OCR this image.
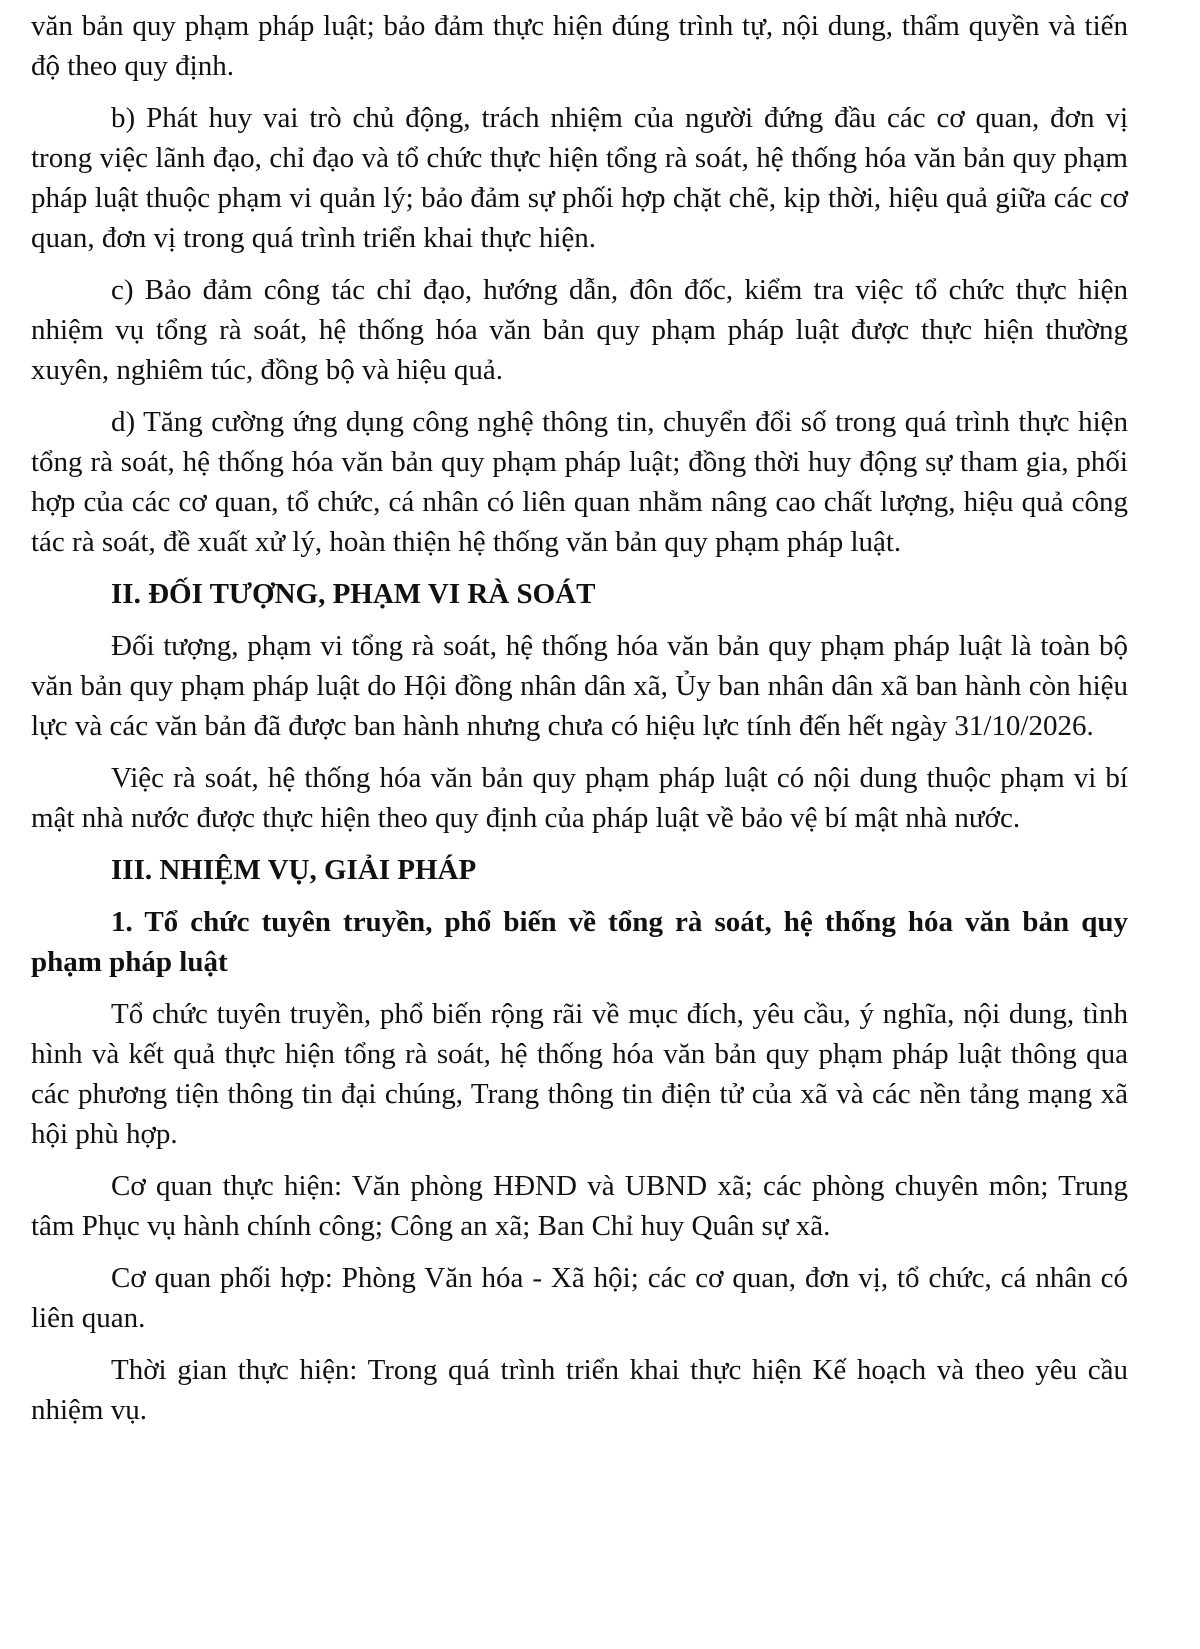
văn bản quy phạm pháp luật; bảo đảm thực hiện đúng trình tự, nội dung, thẩm quyền và tiến độ theo quy định.

b) Phát huy vai trò chủ động, trách nhiệm của người đứng đầu các cơ quan, đơn vị trong việc lãnh đạo, chỉ đạo và tổ chức thực hiện tổng rà soát, hệ thống hóa văn bản quy phạm pháp luật thuộc phạm vi quản lý; bảo đảm sự phối hợp chặt chẽ, kịp thời, hiệu quả giữa các cơ quan, đơn vị trong quá trình triển khai thực hiện.

c) Bảo đảm công tác chỉ đạo, hướng dẫn, đôn đốc, kiểm tra việc tổ chức thực hiện nhiệm vụ tổng rà soát, hệ thống hóa văn bản quy phạm pháp luật được thực hiện thường xuyên, nghiêm túc, đồng bộ và hiệu quả.

d) Tăng cường ứng dụng công nghệ thông tin, chuyển đổi số trong quá trình thực hiện tổng rà soát, hệ thống hóa văn bản quy phạm pháp luật; đồng thời huy động sự tham gia, phối hợp của các cơ quan, tổ chức, cá nhân có liên quan nhằm nâng cao chất lượng, hiệu quả công tác rà soát, đề xuất xử lý, hoàn thiện hệ thống văn bản quy phạm pháp luật.

II. ĐỐI TƯỢNG, PHẠM VI RÀ SOÁT

Đối tượng, phạm vi tổng rà soát, hệ thống hóa văn bản quy phạm pháp luật là toàn bộ văn bản quy phạm pháp luật do Hội đồng nhân dân xã, Ủy ban nhân dân xã ban hành còn hiệu lực và các văn bản đã được ban hành nhưng chưa có hiệu lực tính đến hết ngày 31/10/2026.

Việc rà soát, hệ thống hóa văn bản quy phạm pháp luật có nội dung thuộc phạm vi bí mật nhà nước được thực hiện theo quy định của pháp luật về bảo vệ bí mật nhà nước.

III. NHIỆM VỤ, GIẢI PHÁP

1. Tổ chức tuyên truyền, phổ biến về tổng rà soát, hệ thống hóa văn bản quy phạm pháp luật

Tổ chức tuyên truyền, phổ biến rộng rãi về mục đích, yêu cầu, ý nghĩa, nội dung, tình hình và kết quả thực hiện tổng rà soát, hệ thống hóa văn bản quy phạm pháp luật thông qua các phương tiện thông tin đại chúng, Trang thông tin điện tử của xã và các nền tảng mạng xã hội phù hợp.

Cơ quan thực hiện: Văn phòng HĐND và UBND xã; các phòng chuyên môn; Trung tâm Phục vụ hành chính công; Công an xã; Ban Chỉ huy Quân sự xã.

Cơ quan phối hợp: Phòng Văn hóa - Xã hội; các cơ quan, đơn vị, tổ chức, cá nhân có liên quan.

Thời gian thực hiện: Trong quá trình triển khai thực hiện Kế hoạch và theo yêu cầu nhiệm vụ.
